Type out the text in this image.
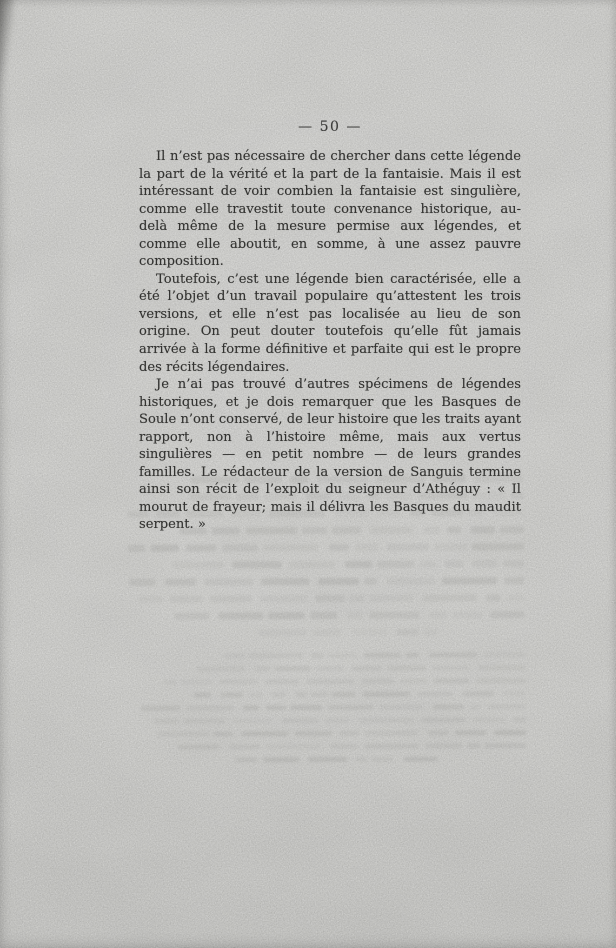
— 50 —

Il n’est pas nécessaire de chercher dans cette légende la part de la vérité et la part de la fantaisie. Mais il est intéressant de voir combien la fantaisie est singulière, comme elle travestit toute convenance historique, au-delà même de la mesure permise aux légendes, et comme elle aboutit, en somme, à une assez pauvre composition.

Toutefois, c’est une légende bien caractérisée, elle a été l’objet d’un travail populaire qu’attestent les trois versions, et elle n’est pas localisée au lieu de son origine. On peut douter toutefois qu’elle fût jamais arrivée à la forme définitive et parfaite qui est le propre des récits légendaires.

Je n’ai pas trouvé d’autres spécimens de légendes historiques, et je dois remarquer que les Basques de Soule n’ont conservé, de leur histoire que les traits ayant rapport, non à l’histoire même, mais aux vertus singulières — en petit nombre — de leurs grandes familles. Le rédacteur de la version de Sanguis termine ainsi son récit de l’exploit du seigneur d’Athéguy : « Il mourut de frayeur; mais il délivra les Basques du maudit serpent. »
